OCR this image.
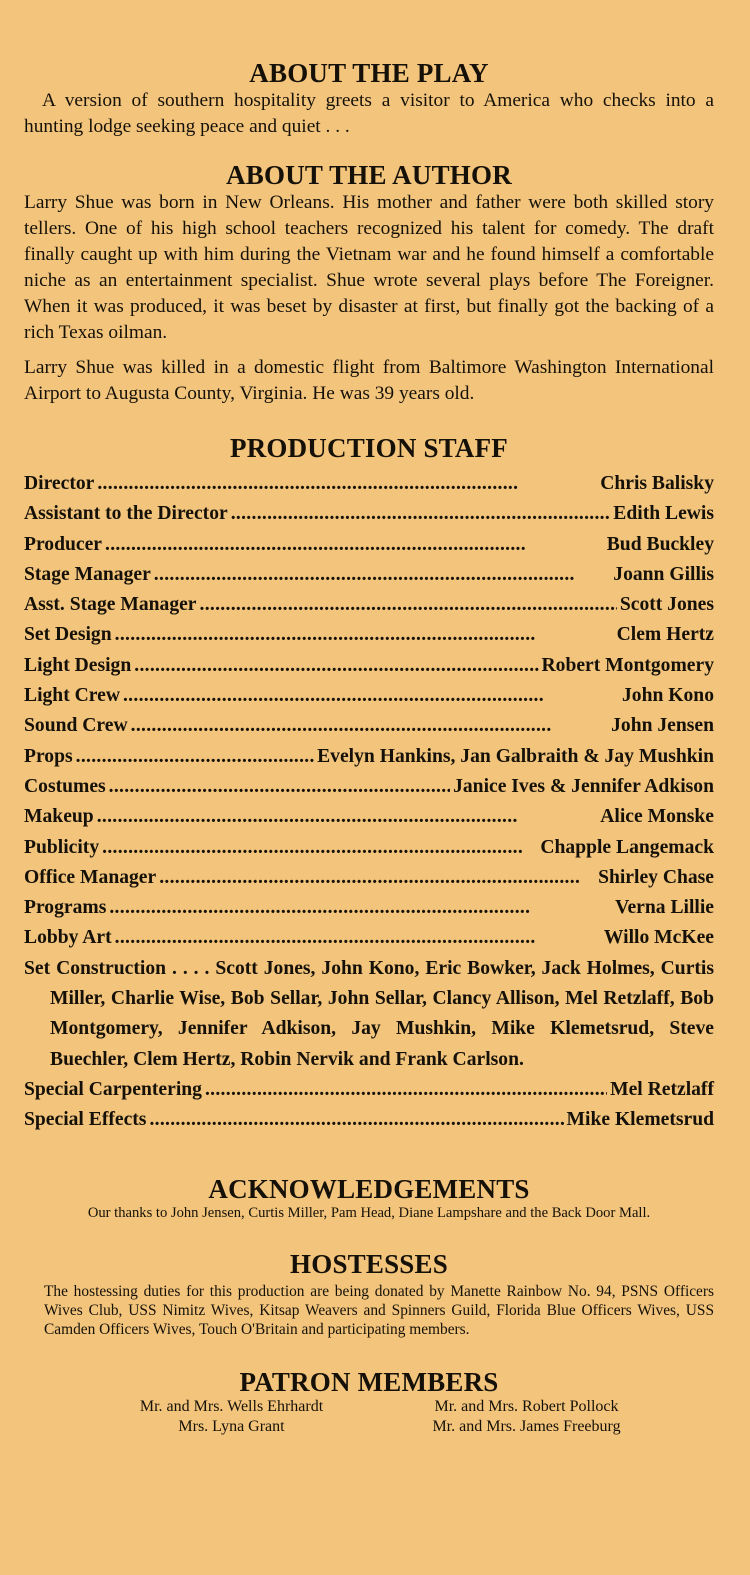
ABOUT THE PLAY

A version of southern hospitality greets a visitor to America who checks into a hunting lodge seeking peace and quiet . . .

ABOUT THE AUTHOR

Larry Shue was born in New Orleans. His mother and father were both skilled story tellers. One of his high school teachers recognized his talent for comedy. The draft finally caught up with him during the Vietnam war and he found himself a comfortable niche as an entertainment specialist. Shue wrote several plays before The Foreigner. When it was produced, it was beset by disaster at first, but finally got the backing of a rich Texas oilman.

Larry Shue was killed in a domestic flight from Baltimore Washington International Airport to Augusta County, Virginia. He was 39 years old.

PRODUCTION STAFF
Director . . .	Chris Balisky
Assistant to the Director . . .	Edith Lewis
Producer . . .	Bud Buckley
Stage Manager . . .	Joann Gillis
Asst. Stage Manager . . .	Scott Jones
Set Design . . .	Clem Hertz
Light Design . . .	Robert Montgomery
Light Crew . . .	John Kono
Sound Crew . . .	John Jensen
Props . . .	Evelyn Hankins, Jan Galbraith & Jay Mushkin
Costumes . . .	Janice Ives & Jennifer Adkison
Makeup . . .	Alice Monske
Publicity . . .	Chapple Langemack
Office Manager . . .	Shirley Chase
Programs . . .	Verna Lillie
Lobby Art . . .	Willo McKee
Set Construction . . . . Scott Jones, John Kono, Eric Bowker, Jack Holmes, Curtis Miller, Charlie Wise, Bob Sellar, John Sellar, Clancy Allison, Mel Retzlaff, Bob Montgomery, Jennifer Adkison, Jay Mushkin, Mike Klemetsrud, Steve Buechler, Clem Hertz, Robin Nervik and Frank Carlson.
Special Carpentering . . .	Mel Retzlaff
Special Effects . . .	Mike Klemetsrud
ACKNOWLEDGEMENTS

Our thanks to John Jensen, Curtis Miller, Pam Head, Diane Lampshare and the Back Door Mall.

HOSTESSES

The hostessing duties for this production are being donated by Manette Rainbow No. 94, PSNS Officers Wives Club, USS Nimitz Wives, Kitsap Weavers and Spinners Guild, Florida Blue Officers Wives, USS Camden Officers Wives, Touch O'Britain and participating members.

PATRON MEMBERS
Mr. and Mrs. Wells Ehrhardt	Mr. and Mrs. Robert Pollock
Mrs. Lyna Grant	Mr. and Mrs. James Freeburg
